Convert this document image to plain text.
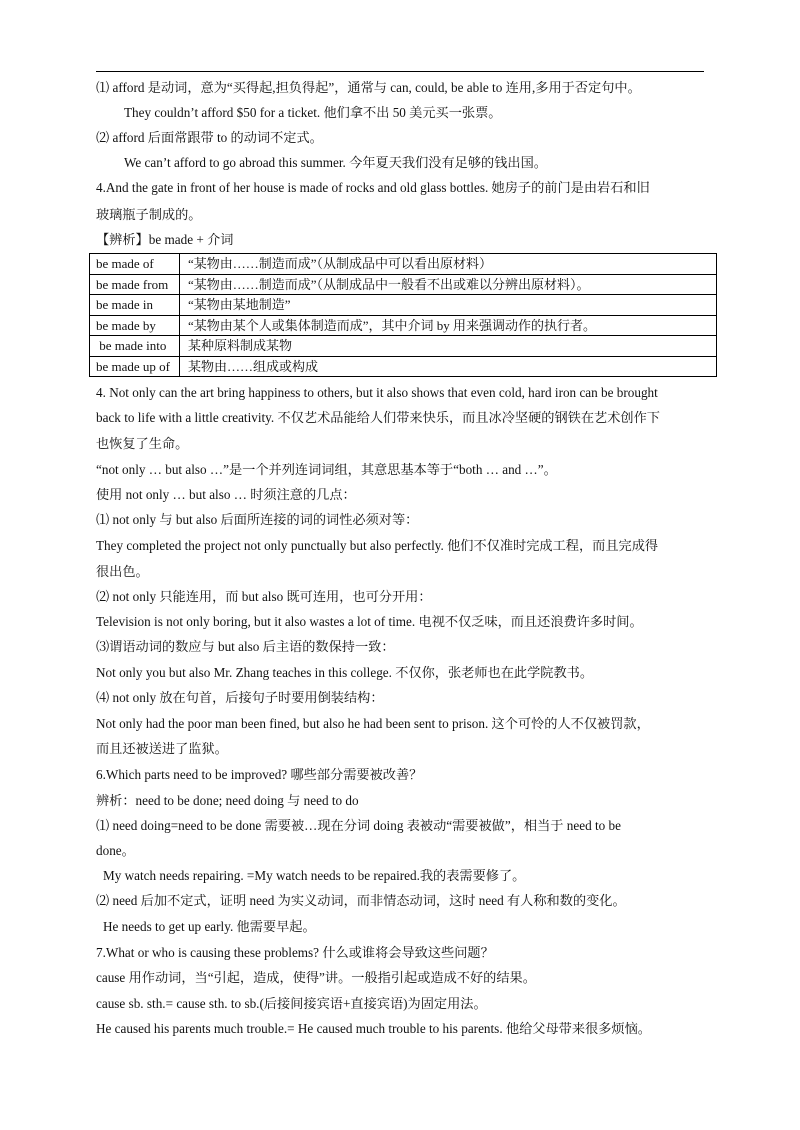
⑴ afford 是动词，意为“买得起,担负得起”，通常与 can, could, be able to 连用,多用于否定句中。
They couldn’t afford $50 for a ticket. 他们拿不出 50 美元买一张票。
⑵ afford 后面常跟带 to 的动词不定式。
We can’t afford to go abroad this summer. 今年夏天我们没有足够的钱出国。
4.And the gate in front of her house is made of rocks and old glass bottles. 她房子的前门是由岩石和旧
玻璃瓶子制成的。
【辨析】be made + 介词
be made of	“某物由……制造而成”（从制成品中可以看出原材料）
be made from	“某物由……制造而成”（从制成品中一般看不出或难以分辨出原材料）。
be made in	“某物由某地制造”
be made by	“某物由某个人或集体制造而成”，其中介词 by 用来强调动作的执行者。
be made into	某种原料制成某物
be made up of	某物由……组成或构成
4. Not only can the art bring happiness to others, but it also shows that even cold, hard iron can be brought
back to life with a little creativity. 不仅艺术品能给人们带来快乐，而且冰冷坚硬的钢铁在艺术创作下
也恢复了生命。
“not only … but also …”是一个并列连词词组，其意思基本等于“both … and …”。
使用 not only … but also … 时须注意的几点：
⑴ not only 与 but also 后面所连接的词的词性必须对等：
They completed the project not only punctually but also perfectly. 他们不仅准时完成工程，而且完成得
很出色。
⑵ not only 只能连用，而 but also 既可连用，也可分开用：
Television is not only boring, but it also wastes a lot of time. 电视不仅乏味，而且还浪费许多时间。
⑶谓语动词的数应与 but also 后主语的数保持一致：
Not only you but also Mr. Zhang teaches in this college. 不仅你，张老师也在此学院教书。
⑷ not only 放在句首，后接句子时要用倒装结构：
Not only had the poor man been fined, but also he had been sent to prison. 这个可怜的人不仅被罚款，
而且还被送进了监狱。
6.Which parts need to be improved? 哪些部分需要被改善？
辨析：need to be done; need doing 与 need to do
⑴ need doing=need to be done 需要被…现在分词 doing 表被动“需要被做”，相当于 need to be
done。
My watch needs repairing. =My watch needs to be repaired.我的表需要修了。
⑵ need 后加不定式，证明 need 为实义动词，而非情态动词，这时 need 有人称和数的变化。
He needs to get up early. 他需要早起。
7.What or who is causing these problems? 什么或谁将会导致这些问题？
cause 用作动词，当“引起，造成，使得”讲。一般指引起或造成不好的结果。
cause sb. sth.= cause sth. to sb.(后接间接宾语+直接宾语)为固定用法。
He caused his parents much trouble.= He caused much trouble to his parents. 他给父母带来很多烦恼。
